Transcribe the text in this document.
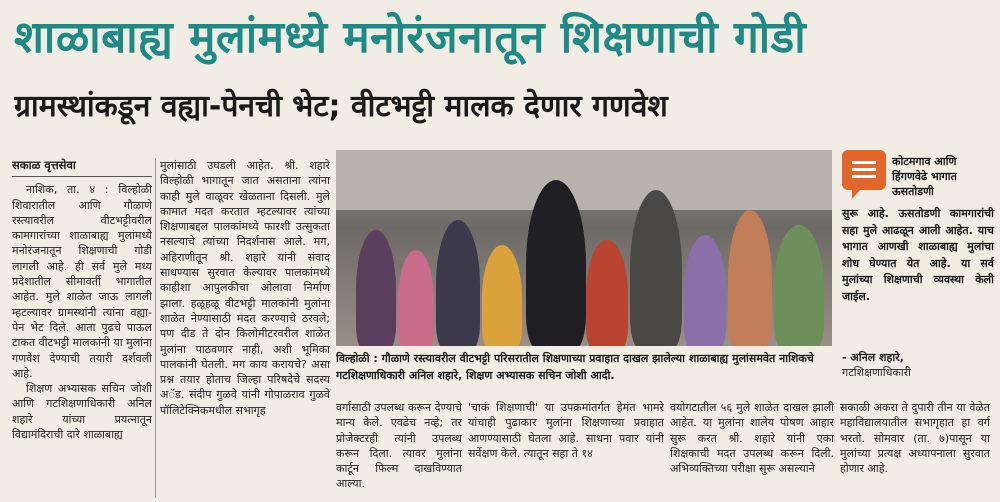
शाळाबाह्य मुलांमध्ये मनोरंजनातून शिक्षणाची गोडी
ग्रामस्थांकडून वह्या-पेनची भेट; वीटभट्टी मालक देणार गणवेश

सकाळ वृत्तसेवा

नाशिक, ता. ४ : विल्होळी शिवारातील आणि गौळाणे रस्त्यावरील वीटभट्टीवरील कामगारांच्या शाळाबाह्य मुलांमध्ये मनोरंजनातून शिक्षणाची गोडी लागली आहे. ही सर्व मुले मध्य प्रदेशातील सीमावर्ती भागातील आहेत. मुले शाळेत जाऊ लागली म्हटल्यावर ग्रामस्थांनी त्यांना वह्या-पेन भेट दिले. आता पुढचे पाऊल टाकत वीटभट्टी मालकांनी या मुलांना गणवेश देण्याची तयारी दर्शवली आहे.

शिक्षण अभ्यासक सचिन जोशी आणि गटशिक्षणाधिकारी अनिल शहारे यांच्या प्रयत्नातून विद्यामंदिराची दारे शाळाबाह्य

मुलांसाठी उघडली आहेत. श्री. शहारे विल्होळी भागातून जात असताना त्यांना काही मुले वाळूवर खेळताना दिसली. मुले कामात मदत करतात म्हटल्यावर त्यांच्या शिक्षणाबद्दल पालकांमध्ये फारशी उत्सुकता नसल्याचे त्यांच्या निदर्शनास आले. मग, अहिराणीतून श्री. शहारे यांनी संवाद साधण्यास सुरवात केल्यावर पालकांमध्ये काहीशा आपुलकीचा ओलावा निर्माण झाला. हळूहळू वीटभट्टी मालकांनी मुलांना शाळेत नेण्यासाठी मदत करण्याचे ठरवले; पण दीड ते दोन किलोमीटरवरील शाळेत मुलांना पाठवणार नाही, अशी भूमिका पालकांनी घेतली. मग काय करायचे? असा प्रश्न तयार होताच जिल्हा परिषदेचे सदस्य अॅड. संदीप गुळवे यांनी गोपाळराव गुळवे पॉलिटेक्निकमधील सभागृह

विल्होळी : गौळाणे रस्त्यावरील वीटभट्टी परिसरातील शिक्षणाच्या प्रवाहात दाखल झालेल्या शाळाबाह्य मुलांसमवेत नाशिकचे गटशिक्षणाधिकारी अनिल शहारे, शिक्षण अभ्यासक सचिन जोशी आदी.
वर्गासाठी उपलब्ध करून देण्याचे मान्य केले. एवढेच नव्हे; तर प्रोजेक्टरही त्यांनी उपलब्ध करून दिला. त्यावर मुलांना कार्टून फिल्म दाखविण्यात आल्या.
'चाकं शिक्षणाची' या उपक्रमांतर्गत हेमंत भामरे यांचाही पुढाकार मुलांना शिक्षणाच्या प्रवाहात आणण्यासाठी घेतला आहे. साधना पवार यांनी सर्वेक्षण केले. त्यातून सहा ते १४
वयोगटातील ५६ मुले शाळेत दाखल झाली आहेत. या मुलांना शालेय पोषण आहार सुरू करत श्री. शहारे यांनी एका शिक्षकाची मदत उपलब्ध करून दिली. अभिव्यक्तिच्या परीक्षा सुरू असल्याने
सकाळी अकरा ते दुपारी तीन या वेळेत महाविद्यालयातील सभागृहात हा वर्ग भरतो. सोमवार (ता. ७)पासून या मुलांच्या प्रत्यक्ष अध्यापनाला सुरवात होणार आहे.
कोटमगाव आणि हिंगणवेढे भागात ऊसतोडणी
सुरू आहे. ऊसतोडणी कामगारांची सहा मुले आढळून आली आहेत. याच भागात आणखी शाळाबाह्य मुलांचा शोध घेण्यात येत आहे. या सर्व मुलांच्या शिक्षणाची व्यवस्था केली जाईल.
- अनिल शहारे,
गटशिक्षणाधिकारी
